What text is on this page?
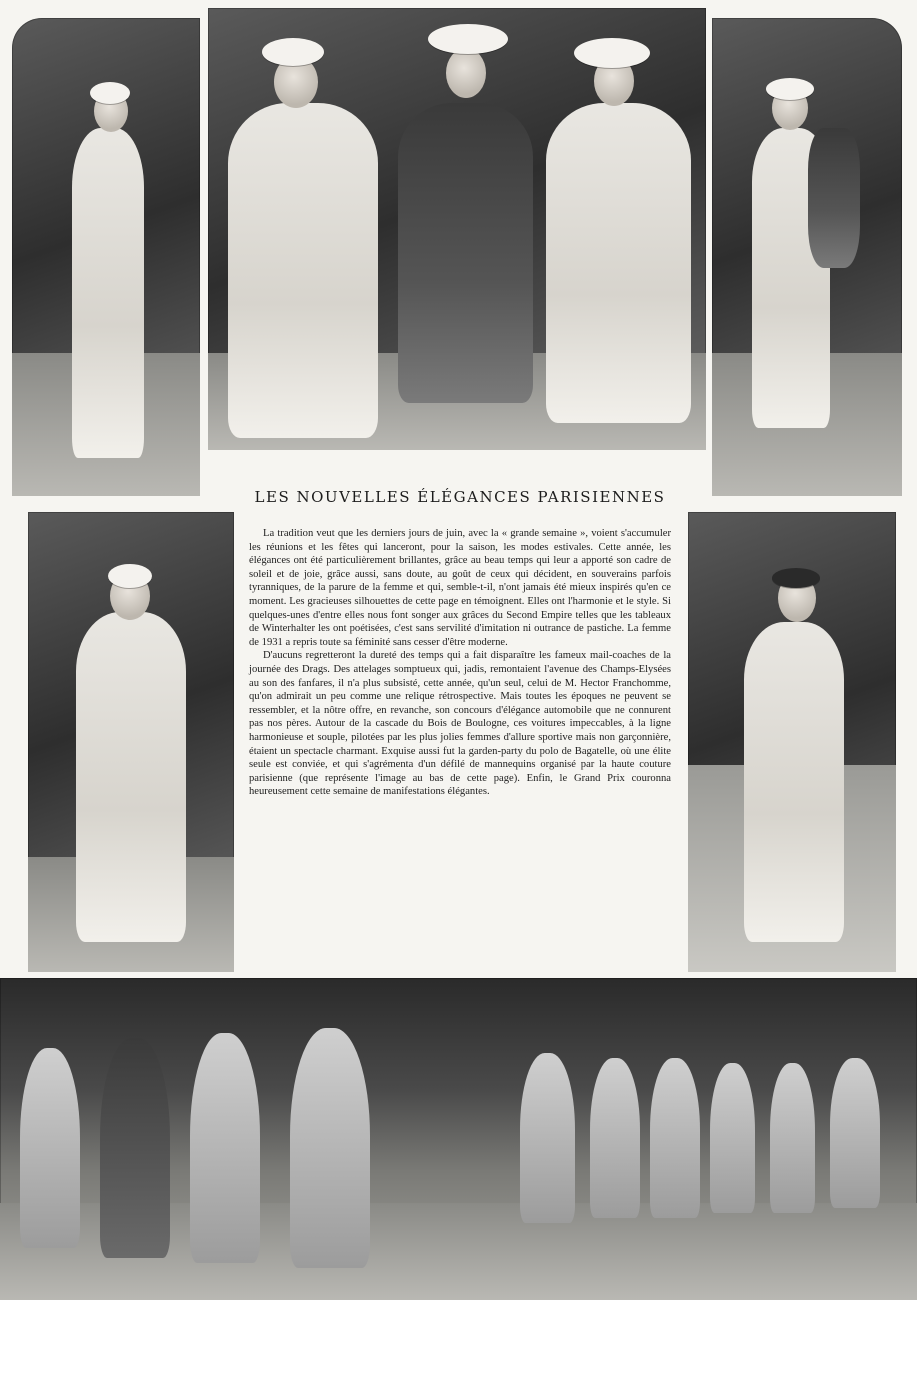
LES NOUVELLES ÉLÉGANCES PARISIENNES

La tradition veut que les derniers jours de juin, avec la « grande semaine », voient s'accumuler les réunions et les fêtes qui lanceront, pour la saison, les modes estivales. Cette année, les élégances ont été particulièrement brillantes, grâce au beau temps qui leur a apporté son cadre de soleil et de joie, grâce aussi, sans doute, au goût de ceux qui décident, en souverains parfois tyranniques, de la parure de la femme et qui, semble-t-il, n'ont jamais été mieux inspirés qu'en ce moment. Les gracieuses silhouettes de cette page en témoignent. Elles ont l'harmonie et le style. Si quelques-unes d'entre elles nous font songer aux grâces du Second Empire telles que les tableaux de Winterhalter les ont poétisées, c'est sans servilité d'imitation ni outrance de pastiche. La femme de 1931 a repris toute sa féminité sans cesser d'être moderne.

D'aucuns regretteront la dureté des temps qui a fait disparaître les fameux mail-coaches de la journée des Drags. Des attelages somptueux qui, jadis, remontaient l'avenue des Champs-Elysées au son des fanfares, il n'a plus subsisté, cette année, qu'un seul, celui de M. Hector Franchomme, qu'on admirait un peu comme une relique rétrospective. Mais toutes les époques ne peuvent se ressembler, et la nôtre offre, en revanche, son concours d'élégance automobile que ne connurent pas nos pères. Autour de la cascade du Bois de Boulogne, ces voitures impeccables, à la ligne harmonieuse et souple, pilotées par les plus jolies femmes d'allure sportive mais non garçonnière, étaient un spectacle charmant. Exquise aussi fut la garden-party du polo de Bagatelle, où une élite seule est conviée, et qui s'agrémenta d'un défilé de mannequins organisé par la haute couture parisienne (que représente l'image au bas de cette page). Enfin, le Grand Prix couronna heureusement cette semaine de manifestations élégantes.
